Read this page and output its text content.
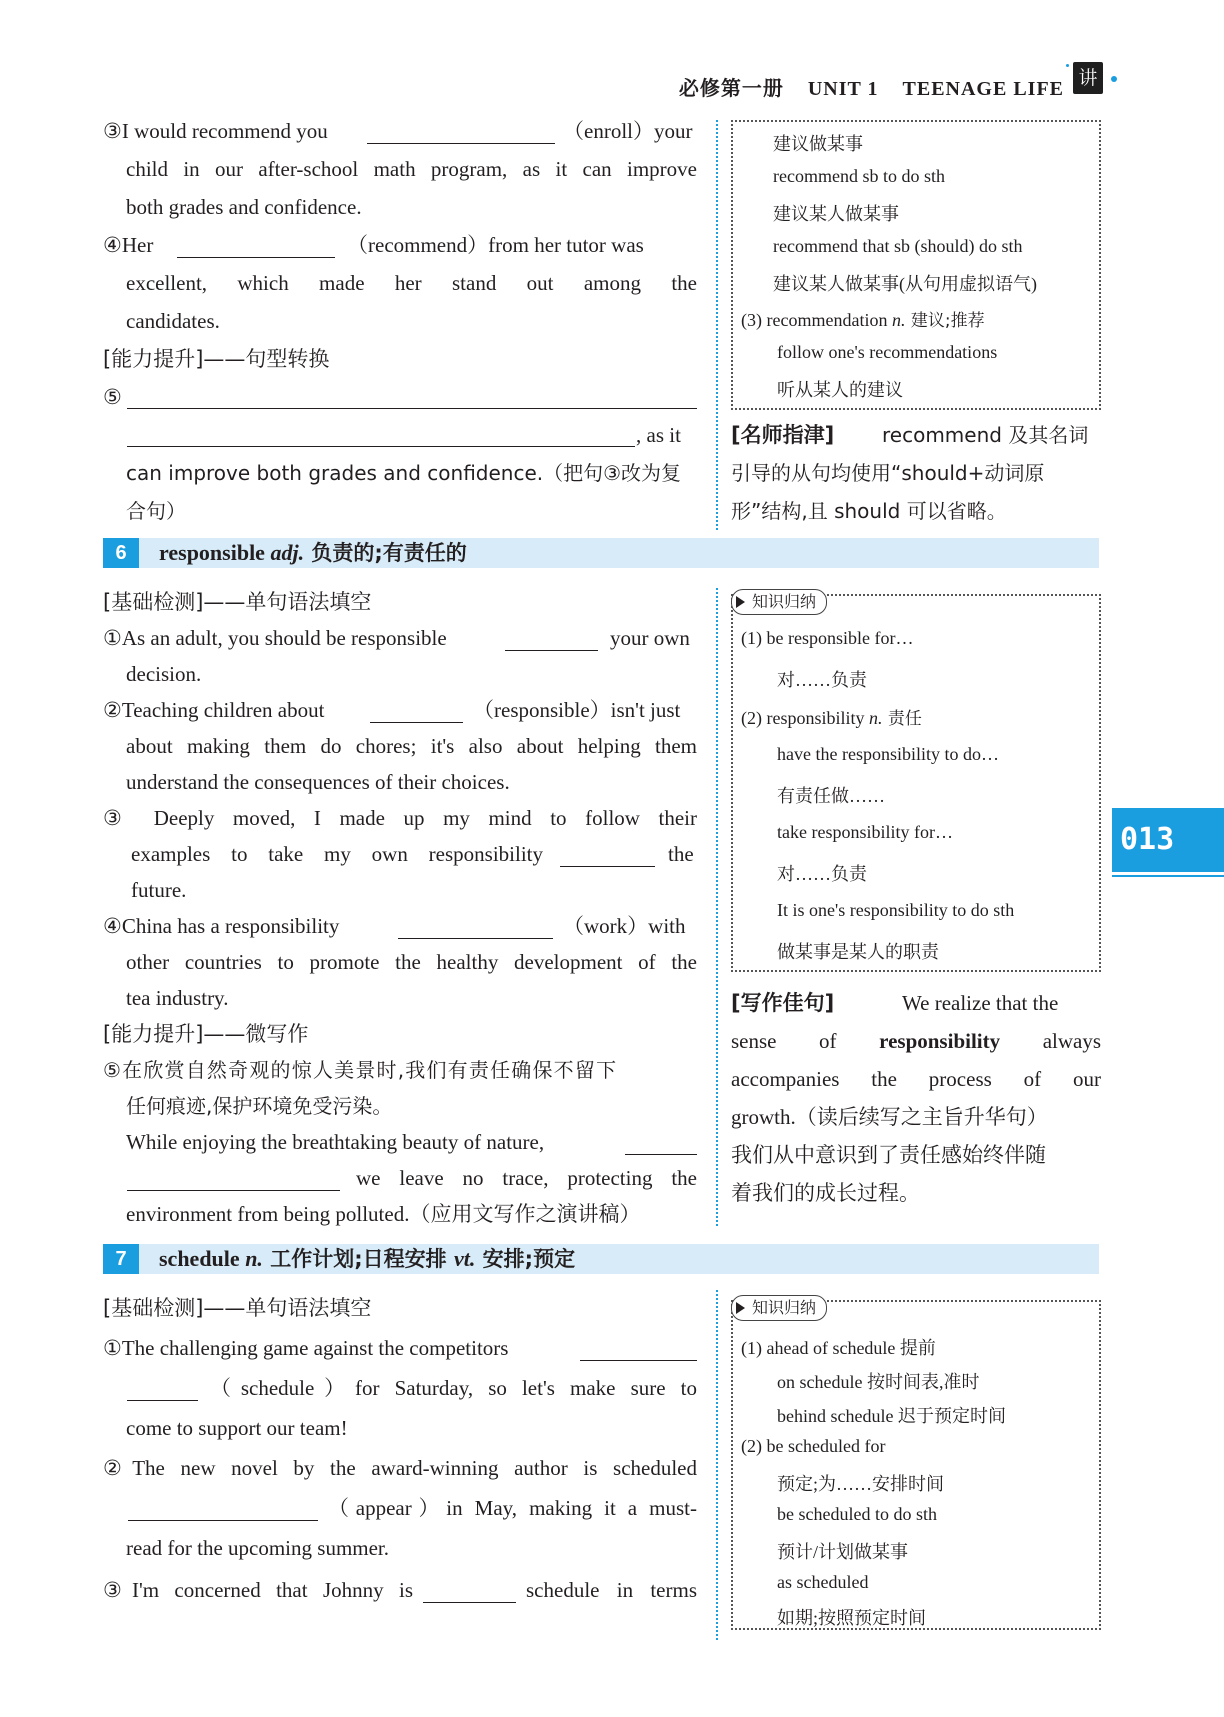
必修第一册 UNIT 1 TEENAGE LIFE 讲
013
③I would recommend you	（enroll）your
child in our after-school math program, as it can improve
both grades and confidence.
④Her	（recommend）from her tutor was
excellent, which made her stand out among the
candidates.
[能力提升]——句型转换
⑤
, as it
can improve both grades and confidence.（把句③改为复
合句）
建议做某事
recommend sb to do sth
建议某人做某事
recommend that sb (should) do sth
建议某人做某事(从句用虚拟语气)
(3) recommendation n. 建议;推荐
follow one's recommendations
听从某人的建议
[名师指津] recommend 及其名词
引导的从句均使用“should+动词原
形”结构,且 should 可以省略。
6	responsible adj. 负责的;有责任的
[基础检测]——单句语法填空
①As an adult, you should be responsible	your own
decision.
②Teaching children about	（responsible）isn't just
about making them do chores; it's also about helping them
understand the consequences of their choices.
③ Deeply moved, I made up my mind to follow their
examples to take my own responsibility	the
future.
④China has a responsibility	（work）with
other countries to promote the healthy development of the
tea industry.
[能力提升]——微写作
⑤在欣赏自然奇观的惊人美景时,我们有责任确保不留下
任何痕迹,保护环境免受污染。
While enjoying the breathtaking beauty of nature,
we leave no trace, protecting the
environment from being polluted.（应用文写作之演讲稿）
知识归纳
(1) be responsible for…
对……负责
(2) responsibility n. 责任
have the responsibility to do…
有责任做……
take responsibility for…
对……负责
It is one's responsibility to do sth
做某事是某人的职责
[写作佳句]	We realize that the
sense of responsibility always
accompanies the process of our
growth.（读后续写之主旨升华句）
我们从中意识到了责任感始终伴随
着我们的成长过程。
7	schedule n. 工作计划;日程安排 vt. 安排;预定
[基础检测]——单句语法填空
①The challenging game against the competitors
（schedule）for Saturday, so let's make sure to
come to support our team!
②The new novel by the award-winning author is scheduled
（appear）in May, making it a must-
read for the upcoming summer.
③I'm concerned that Johnny is	schedule in terms
知识归纳
(1) ahead of schedule 提前
on schedule 按时间表,准时
behind schedule 迟于预定时间
(2) be scheduled for
预定;为……安排时间
be scheduled to do sth
预计/计划做某事
as scheduled
如期;按照预定时间
